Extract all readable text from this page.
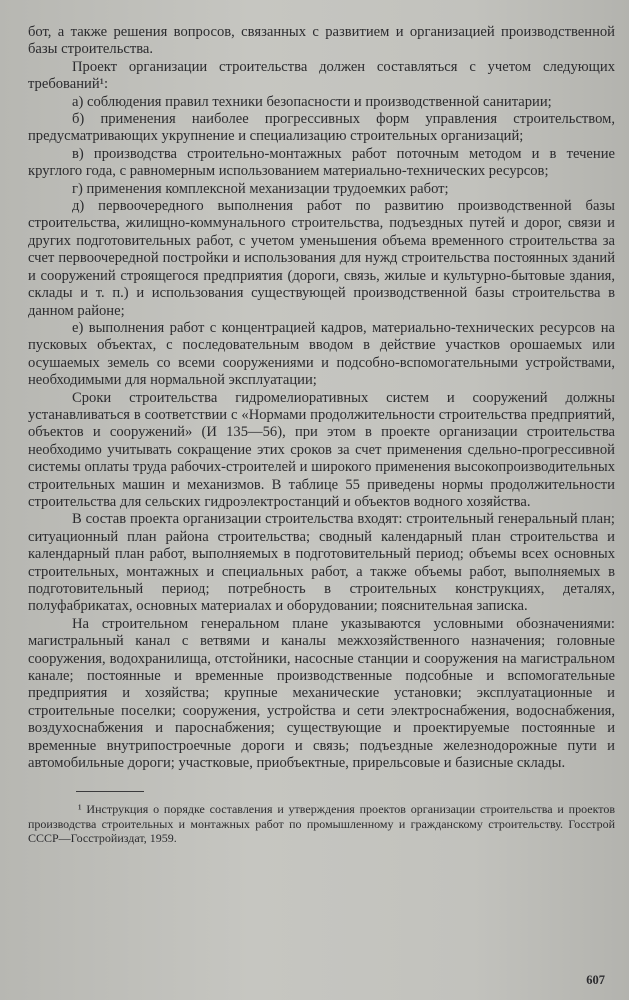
бот, а также решения вопросов, связанных с развитием и организацией производственной базы строительства.

Проект организации строительства должен составляться с учетом следующих требований¹:

а) соблюдения правил техники безопасности и производственной санитарии;

б) применения наиболее прогрессивных форм управления строительством, предусматривающих укрупнение и специализацию строительных организаций;

в) производства строительно-монтажных работ поточным методом и в течение круглого года, с равномерным использованием материально-технических ресурсов;

г) применения комплексной механизации трудоемких работ;

д) первоочередного выполнения работ по развитию производственной базы строительства, жилищно-коммунального строительства, подъездных путей и дорог, связи и других подготовительных работ, с учетом уменьшения объема временного строительства за счет первоочередной постройки и использования для нужд строительства постоянных зданий и сооружений строящегося предприятия (дороги, связь, жилые и культурно-бытовые здания, склады и т. п.) и использования существующей производственной базы строительства в данном районе;

е) выполнения работ с концентрацией кадров, материально-технических ресурсов на пусковых объектах, с последовательным вводом в действие участков орошаемых или осушаемых земель со всеми сооружениями и подсобно-вспомогательными устройствами, необходимыми для нормальной эксплуатации;

Сроки строительства гидромелиоративных систем и сооружений должны устанавливаться в соответствии с «Нормами продолжительности строительства предприятий, объектов и сооружений» (И 135—56), при этом в проекте организации строительства необходимо учитывать сокращение этих сроков за счет применения сдельно-прогрессивной системы оплаты труда рабочих-строителей и широкого применения высокопроизводительных строительных машин и механизмов. В таблице 55 приведены нормы продолжительности строительства для сельских гидроэлектростанций и объектов водного хозяйства.

В состав проекта организации строительства входят: строительный генеральный план; ситуационный план района строительства; сводный календарный план строительства и календарный план работ, выполняемых в подготовительный период; объемы всех основных строительных, монтажных и специальных работ, а также объемы работ, выполняемых в подготовительный период; потребность в строительных конструкциях, деталях, полуфабрикатах, основных материалах и оборудовании; пояснительная записка.

На строительном генеральном плане указываются условными обозначениями: магистральный канал с ветвями и каналы межхозяйственного назначения; головные сооружения, водохранилища, отстойники, насосные станции и сооружения на магистральном канале; постоянные и временные производственные подсобные и вспомогательные предприятия и хозяйства; крупные механические установки; эксплуатационные и строительные поселки; сооружения, устройства и сети электроснабжения, водоснабжения, воздухоснабжения и пароснабжения; существующие и проектируемые постоянные и временные внутрипостроечные дороги и связь; подъездные железнодорожные пути и автомобильные дороги; участковые, приобъектные, прирельсовые и базисные склады.

¹ Инструкция о порядке составления и утверждения проектов организации строительства и проектов производства строительных и монтажных работ по промышленному и гражданскому строительству. Госстрой СССР—Госстройиздат, 1959.

607
